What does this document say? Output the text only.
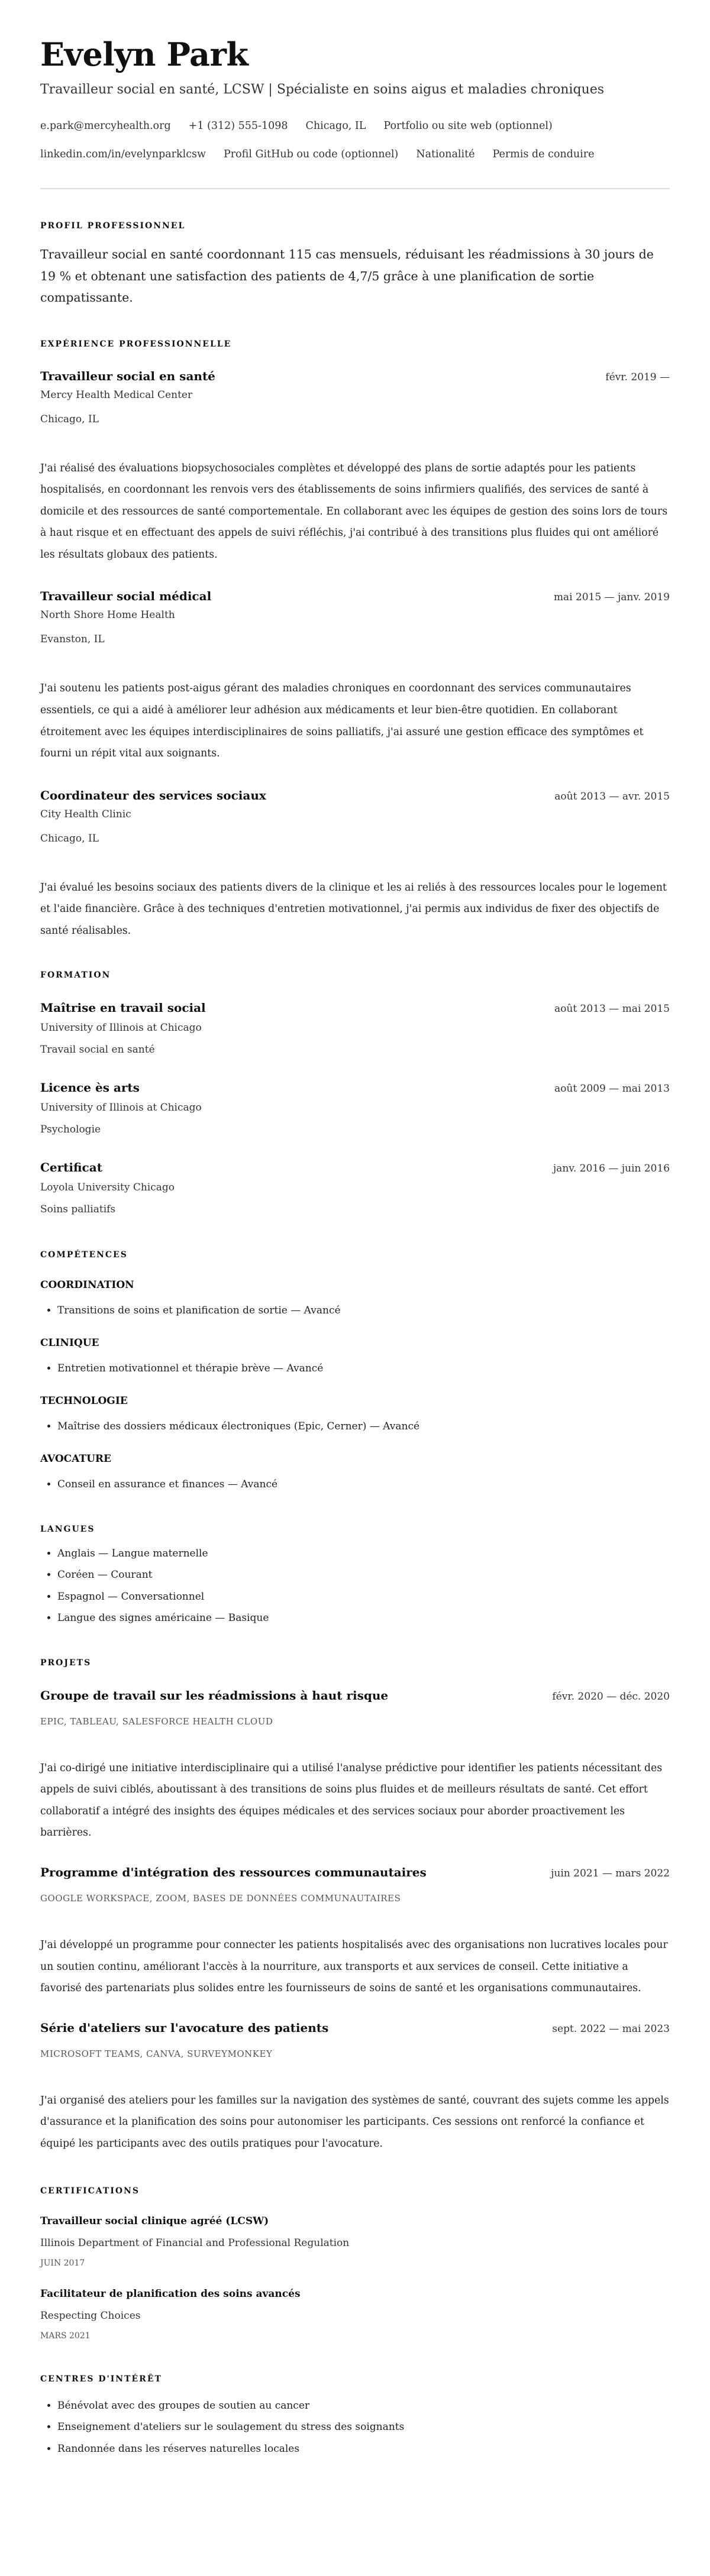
Evelyn Park
Travailleur social en santé, LCSW | Spécialiste en soins aigus et maladies chroniques
e.park@mercyhealth.org +1 (312) 555-1098 Chicago, IL Portfolio ou site web (optionnel)
linkedin.com/in/evelynparklcsw Profil GitHub ou code (optionnel) Nationalité Permis de conduire
PROFIL PROFESSIONNEL
Travailleur social en santé coordonnant 115 cas mensuels, réduisant les réadmissions à 30 jours de 19 % et obtenant une satisfaction des patients de 4,7/5 grâce à une planification de sortie compatissante.
EXPÉRIENCE PROFESSIONNELLE
Travailleur social en santé	févr. 2019 —
Mercy Health Medical Center
Chicago, IL
J'ai réalisé des évaluations biopsychosociales complètes et développé des plans de sortie adaptés pour les patients hospitalisés, en coordonnant les renvois vers des établissements de soins infirmiers qualifiés, des services de santé à domicile et des ressources de santé comportementale. En collaborant avec les équipes de gestion des soins lors de tours à haut risque et en effectuant des appels de suivi réfléchis, j'ai contribué à des transitions plus fluides qui ont amélioré les résultats globaux des patients.
Travailleur social médical	mai 2015 — janv. 2019
North Shore Home Health
Evanston, IL
J'ai soutenu les patients post-aigus gérant des maladies chroniques en coordonnant des services communautaires essentiels, ce qui a aidé à améliorer leur adhésion aux médicaments et leur bien-être quotidien. En collaborant étroitement avec les équipes interdisciplinaires de soins palliatifs, j'ai assuré une gestion efficace des symptômes et fourni un répit vital aux soignants.
Coordinateur des services sociaux	août 2013 — avr. 2015
City Health Clinic
Chicago, IL
J'ai évalué les besoins sociaux des patients divers de la clinique et les ai reliés à des ressources locales pour le logement et l'aide financière. Grâce à des techniques d'entretien motivationnel, j'ai permis aux individus de fixer des objectifs de santé réalisables.
FORMATION
Maîtrise en travail social	août 2013 — mai 2015
University of Illinois at Chicago
Travail social en santé
Licence ès arts	août 2009 — mai 2013
University of Illinois at Chicago
Psychologie
Certificat	janv. 2016 — juin 2016
Loyola University Chicago
Soins palliatifs
COMPÉTENCES
COORDINATION
• Transitions de soins et planification de sortie — Avancé
CLINIQUE
• Entretien motivationnel et thérapie brève — Avancé
TECHNOLOGIE
• Maîtrise des dossiers médicaux électroniques (Epic, Cerner) — Avancé
AVOCATURE
• Conseil en assurance et finances — Avancé
LANGUES
• Anglais — Langue maternelle
• Coréen — Courant
• Espagnol — Conversationnel
• Langue des signes américaine — Basique
PROJETS
Groupe de travail sur les réadmissions à haut risque	févr. 2020 — déc. 2020
EPIC, TABLEAU, SALESFORCE HEALTH CLOUD
J'ai co-dirigé une initiative interdisciplinaire qui a utilisé l'analyse prédictive pour identifier les patients nécessitant des appels de suivi ciblés, aboutissant à des transitions de soins plus fluides et de meilleurs résultats de santé. Cet effort collaboratif a intégré des insights des équipes médicales et des services sociaux pour aborder proactivement les barrières.
Programme d'intégration des ressources communautaires	juin 2021 — mars 2022
GOOGLE WORKSPACE, ZOOM, BASES DE DONNÉES COMMUNAUTAIRES
J'ai développé un programme pour connecter les patients hospitalisés avec des organisations non lucratives locales pour un soutien continu, améliorant l'accès à la nourriture, aux transports et aux services de conseil. Cette initiative a favorisé des partenariats plus solides entre les fournisseurs de soins de santé et les organisations communautaires.
Série d'ateliers sur l'avocature des patients	sept. 2022 — mai 2023
MICROSOFT TEAMS, CANVA, SURVEYMONKEY
J'ai organisé des ateliers pour les familles sur la navigation des systèmes de santé, couvrant des sujets comme les appels d'assurance et la planification des soins pour autonomiser les participants. Ces sessions ont renforcé la confiance et équipé les participants avec des outils pratiques pour l'avocature.
CERTIFICATIONS
Travailleur social clinique agréé (LCSW)
Illinois Department of Financial and Professional Regulation
JUIN 2017
Facilitateur de planification des soins avancés
Respecting Choices
MARS 2021
CENTRES D'INTÉRÊT
• Bénévolat avec des groupes de soutien au cancer
• Enseignement d'ateliers sur le soulagement du stress des soignants
• Randonnée dans les réserves naturelles locales
